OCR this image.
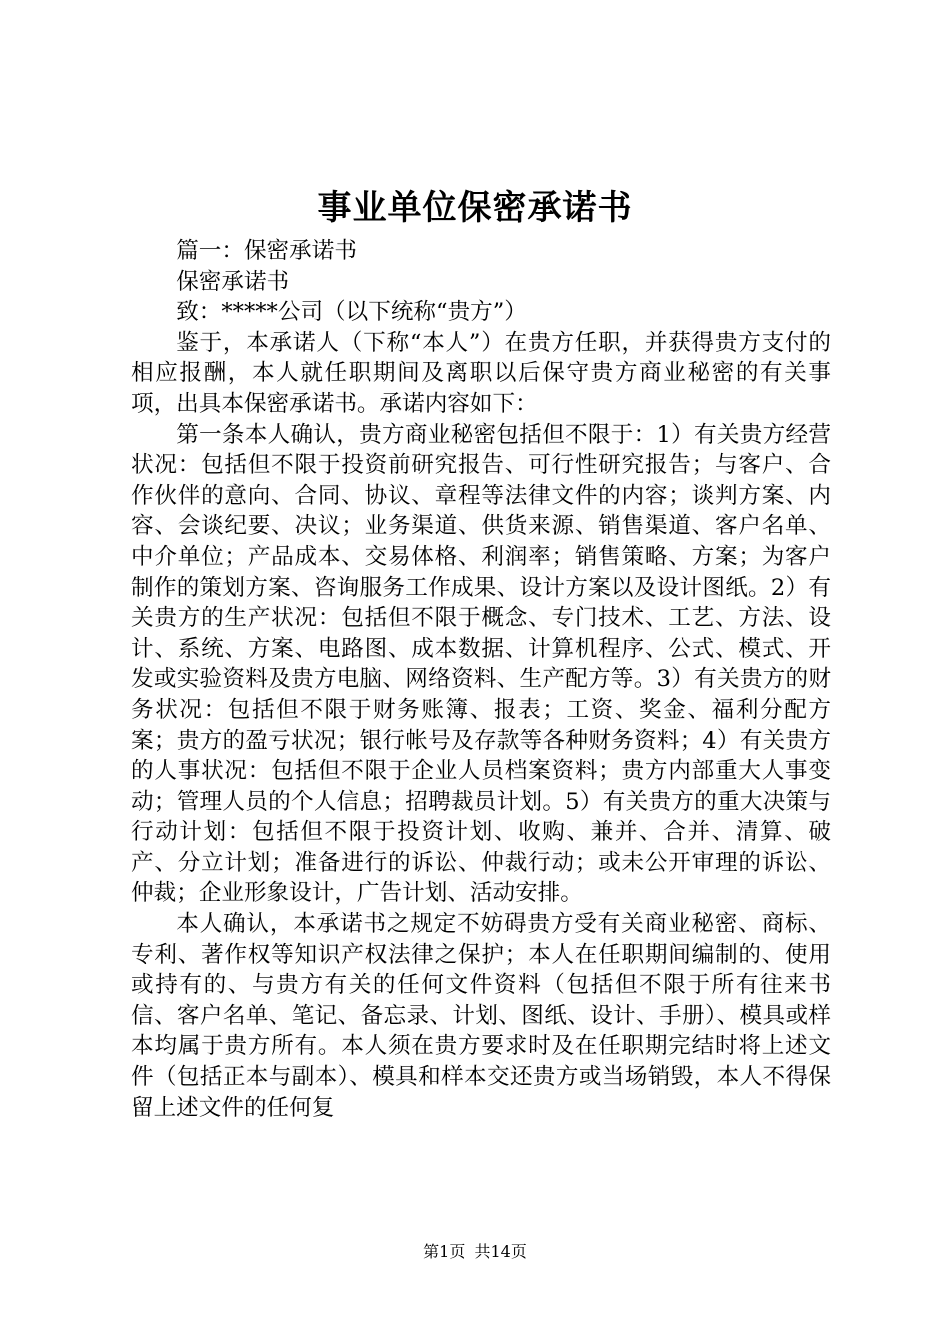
事业单位保密承诺书

篇一：保密承诺书

保密承诺书

致：*****公司（以下统称“贵方”）

鉴于，本承诺人（下称“本人”）在贵方任职，并获得贵方支付的相应报酬，本人就任职期间及离职以后保守贵方商业秘密的有关事项，出具本保密承诺书。承诺内容如下：

第一条本人确认，贵方商业秘密包括但不限于：1）有关贵方经营状况：包括但不限于投资前研究报告、可行性研究报告；与客户、合作伙伴的意向、合同、协议、章程等法律文件的内容；谈判方案、内容、会谈纪要、决议；业务渠道、供货来源、销售渠道、客户名单、中介单位；产品成本、交易体格、利润率；销售策略、方案；为客户制作的策划方案、咨询服务工作成果、设计方案以及设计图纸。2）有关贵方的生产状况：包括但不限于概念、专门技术、工艺、方法、设计、系统、方案、电路图、成本数据、计算机程序、公式、模式、开发或实验资料及贵方电脑、网络资料、生产配方等。3）有关贵方的财务状况：包括但不限于财务账簿、报表；工资、奖金、福利分配方案；贵方的盈亏状况；银行帐号及存款等各种财务资料；4）有关贵方的人事状况：包括但不限于企业人员档案资料；贵方内部重大人事变动；管理人员的个人信息；招聘裁员计划。5）有关贵方的重大决策与行动计划：包括但不限于投资计划、收购、兼并、合并、清算、破产、分立计划；准备进行的诉讼、仲裁行动；或未公开审理的诉讼、仲裁；企业形象设计，广告计划、活动安排。

本人确认，本承诺书之规定不妨碍贵方受有关商业秘密、商标、专利、著作权等知识产权法律之保护；本人在任职期间编制的、使用或持有的、与贵方有关的任何文件资料（包括但不限于所有往来书信、客户名单、笔记、备忘录、计划、图纸、设计、手册）、模具或样本均属于贵方所有。本人须在贵方要求时及在任职期完结时将上述文件（包括正本与副本）、模具和样本交还贵方或当场销毁，本人不得保留上述文件的任何复

第1页 共14页
